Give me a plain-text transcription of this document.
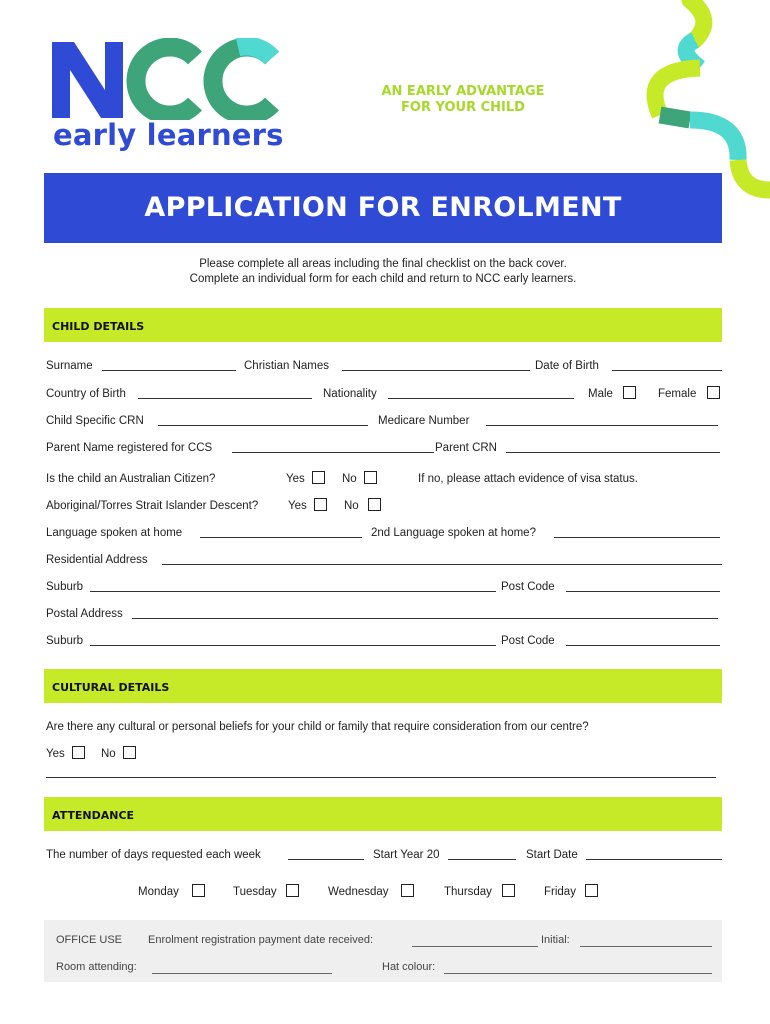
early learners
AN EARLY ADVANTAGE
FOR YOUR CHILD
APPLICATION FOR ENROLMENT
Please complete all areas including the final checklist on the back cover.
Complete an individual form for each child and return to NCC early learners.
CHILD DETAILS
Surname	Christian Names	Date of Birth
Country of Birth	Nationality	Male	Female
Child Specific CRN	Medicare Number
Parent Name registered for CCS	Parent CRN
Is the child an Australian Citizen?	Yes	No	If no, please attach evidence of visa status.
Aboriginal/Torres Strait Islander Descent?	Yes	No
Language spoken at home	2nd Language spoken at home?
Residential Address
Suburb	Post Code
Postal Address
Suburb	Post Code
CULTURAL DETAILS
Are there any cultural or personal beliefs for your child or family that require consideration from our centre?
Yes	No
ATTENDANCE
The number of days requested each week	Start Year 20	Start Date
Monday	Tuesday	Wednesday	Thursday	Friday
OFFICE USE Enrolment registration payment date received:	Initial:
Room attending:	Hat colour:
